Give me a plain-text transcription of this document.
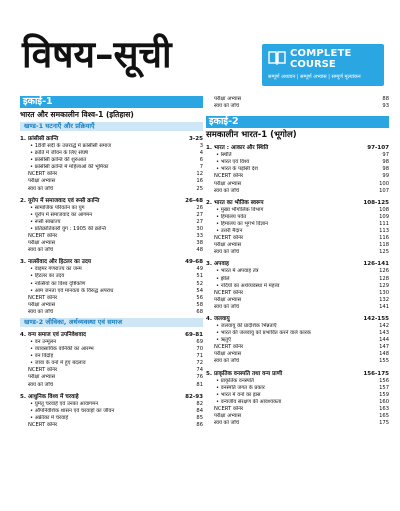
विषय–सूची	COMPLETE
COURSE
सम्पूर्ण अध्ययन | सम्पूर्ण अभ्यास | सम्पूर्ण मूल्यांकन
इकाई-1
भारत और समकालीन विश्व-1 (इतिहास)
खण्ड-1 घटनाएँ और प्रक्रियाएँ
1. फ्रांसीसी क्रान्ति	3-25
• 18वीं सदी के उत्तरार्द्ध में फ्रांसीसी समाज	3
• क्रांति में जीवन के लिए संघर्ष	4
• फ्रांसीसी क्रान्ति की शुरुआत	6
• फ्रांसीसी क्रान्ति में महिलाओं की भूमिका	7
NCERT कॉर्नर	12
परीक्षा अभ्यास	16
स्वयं को जाँचें	25
2. यूरोप में समाजवाद एवं रूसी क्रान्ति	26-48
• सामाजिक परिवर्तन का युग	26
• यूरोप में समाजवाद का आगमन	27
• रूसी साम्राज्य	27
• प्रतिक्रांतिकारी युग : 1905 की क्रान्ति	30
NCERT कॉर्नर	33
परीक्षा अभ्यास	38
स्वयं को जाँचें	48
3. नात्सीवाद और हिटलर का उदय	49-68
• वाइमर गणराज्य का जन्म	49
• हिटलर का उदय	51
• नात्सियों का विश्व दृष्टिकोण	52
• आम जनता एवं मानवता के विरुद्ध अपराध	54
NCERT कॉर्नर	56
परीक्षा अभ्यास	58
स्वयं को जाँचें	68
खण्ड-2 जीविका, अर्थव्यवस्था एवं समाज
4. वन्य समाज एवं उपनिवेशवाद	69-81
• वन उन्मूलन	69
• व्यावसायिक वानिकी का आरम्भ	70
• वन विद्रोह	71
• जावा के वनों में हुए बदलाव	72
NCERT कॉर्नर	74
परीक्षा अभ्यास	76
स्वयं को जाँचें	81
5. आधुनिक विश्व में चरवाहे	82-93
• घुमंतू चरवाहे एवं उनका आवागमन	82
• औपनिवेशिक शासन एवं चरवाहों का जीवन	84
• अफ्रीका में चरवाहे	85
NCERT कॉर्नर	86
परीक्षा अभ्यास	88
स्वयं को जाँचें	93
इकाई-2
समकालीन भारत-1 (भूगोल)
1. भारत : आकार और स्थिति	97-107
• स्थिति	97
• भारत एवं विश्व	98
• भारत के पड़ोसी देश	98
NCERT कॉर्नर	99
परीक्षा अभ्यास	100
स्वयं को जाँचें	107
2. भारत का भौतिक स्वरूप	108-125
• मुख्य भौगोलिक विभाग	108
• हिमालय पर्वत	109
• हिमालय का भूगर्भ विज्ञान	111
• उत्तरी मैदान	113
NCERT कॉर्नर	116
परीक्षा अभ्यास	118
स्वयं को जाँचें	125
3. अपवाह	126-141
• भारत में अपवाह तंत्र	126
• झीलें	128
• नदियों का अर्थव्यवस्था में महत्त्व	129
NCERT कॉर्नर	130
परीक्षा अभ्यास	132
स्वयं को जाँचें	141
4. जलवायु	142-155
• जलवायु की प्रादेशिक भिन्नताएँ	142
• भारत की जलवायु को प्रभावित करने वाले कारक	143
• ऋतुएँ	144
NCERT कॉर्नर	147
परीक्षा अभ्यास	148
स्वयं को जाँचें	155
5. प्राकृतिक वनस्पति तथा वन्य प्राणी	156-175
• प्राकृतिक वनस्पति	156
• वनस्पति जगत के प्रकार	157
• भारत में वनों का ह्रास	159
• वन्यजीव संरक्षण की आवश्यकता	160
NCERT कॉर्नर	163
परीक्षा अभ्यास	165
स्वयं को जाँचें	175
